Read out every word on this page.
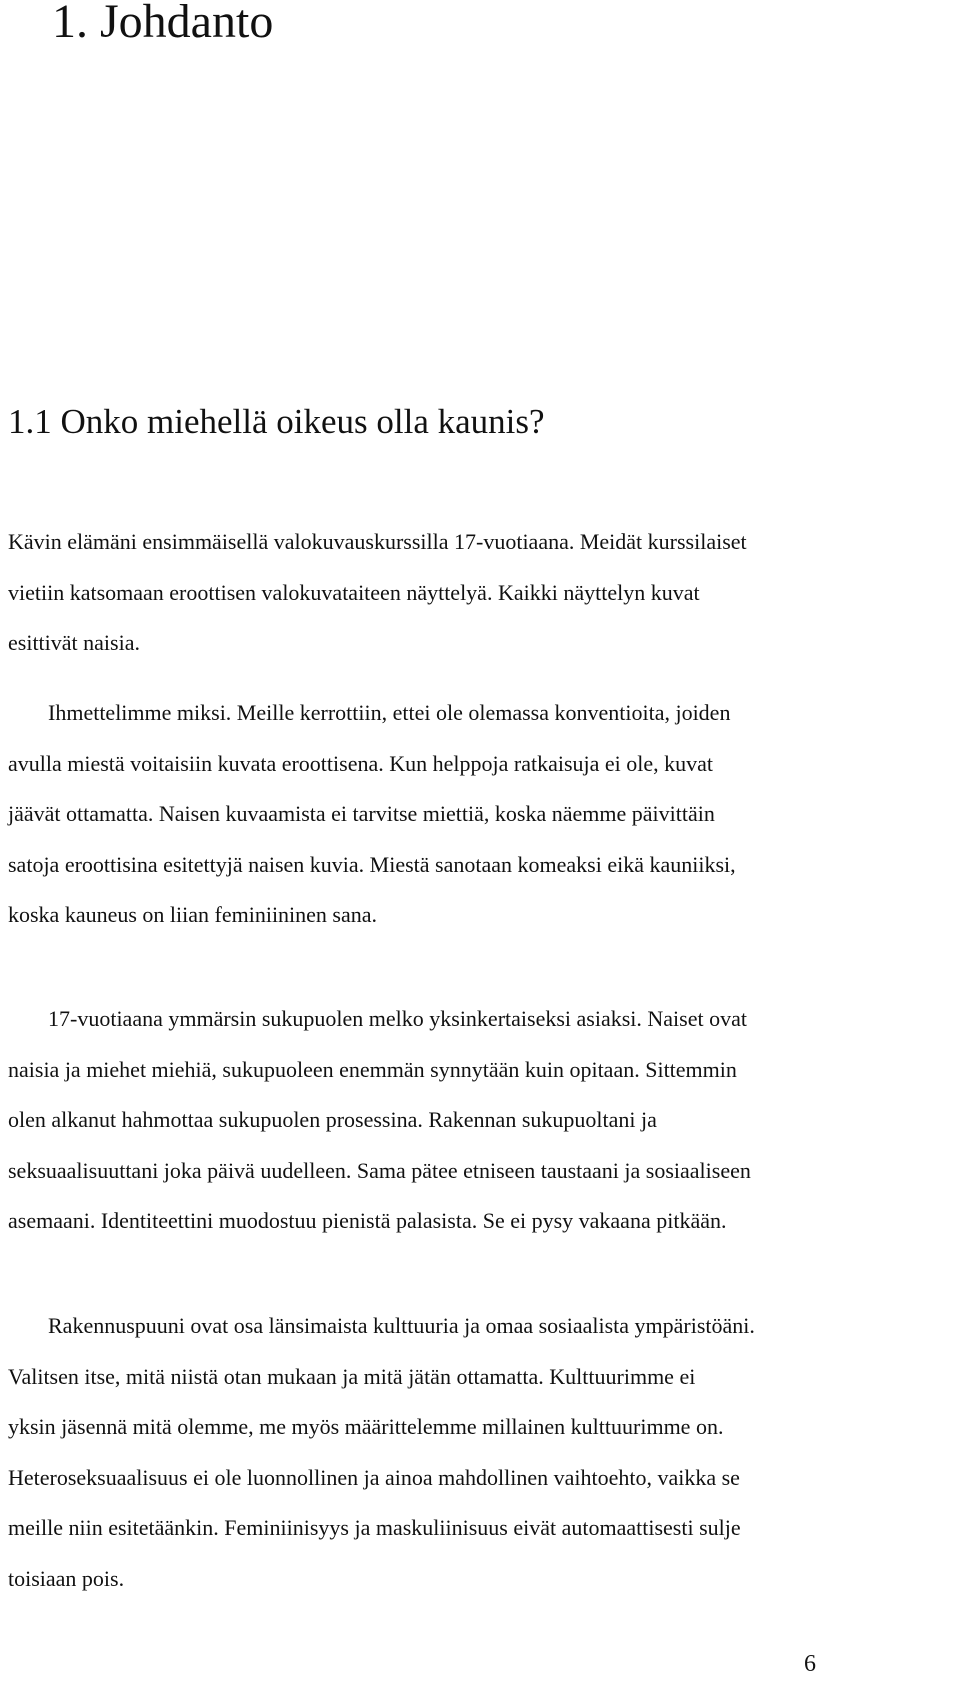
1. Johdanto
1.1 Onko miehellä oikeus olla kaunis?

Kävin elämäni ensimmäisellä valokuvauskurssilla 17-vuotiaana. Meidät kurssilaiset
vietiin katsomaan eroottisen valokuvataiteen näyttelyä. Kaikki näyttelyn kuvat
esittivät naisia.

Ihmettelimme miksi. Meille kerrottiin, ettei ole olemassa konventioita, joiden
avulla miestä voitaisiin kuvata eroottisena. Kun helppoja ratkaisuja ei ole, kuvat
jäävät ottamatta. Naisen kuvaamista ei tarvitse miettiä, koska näemme päivittäin
satoja eroottisina esitettyjä naisen kuvia. Miestä sanotaan komeaksi eikä kauniiksi,
koska kauneus on liian feminiininen sana.

17-vuotiaana ymmärsin sukupuolen melko yksinkertaiseksi asiaksi. Naiset ovat
naisia ja miehet miehiä, sukupuoleen enemmän synnytään kuin opitaan. Sittemmin
olen alkanut hahmottaa sukupuolen prosessina. Rakennan sukupuoltani ja
seksuaalisuuttani joka päivä uudelleen. Sama pätee etniseen taustaani ja sosiaaliseen
asemaani. Identiteettini muodostuu pienistä palasista. Se ei pysy vakaana pitkään.

Rakennuspuuni ovat osa länsimaista kulttuuria ja omaa sosiaalista ympäristöäni.
Valitsen itse, mitä niistä otan mukaan ja mitä jätän ottamatta. Kulttuurimme ei
yksin jäsennä mitä olemme, me myös määrittelemme millainen kulttuurimme on.
Heteroseksuaalisuus ei ole luonnollinen ja ainoa mahdollinen vaihtoehto, vaikka se
meille niin esitetäänkin. Feminiinisyys ja maskuliinisuus eivät automaattisesti sulje
toisiaan pois.

6
